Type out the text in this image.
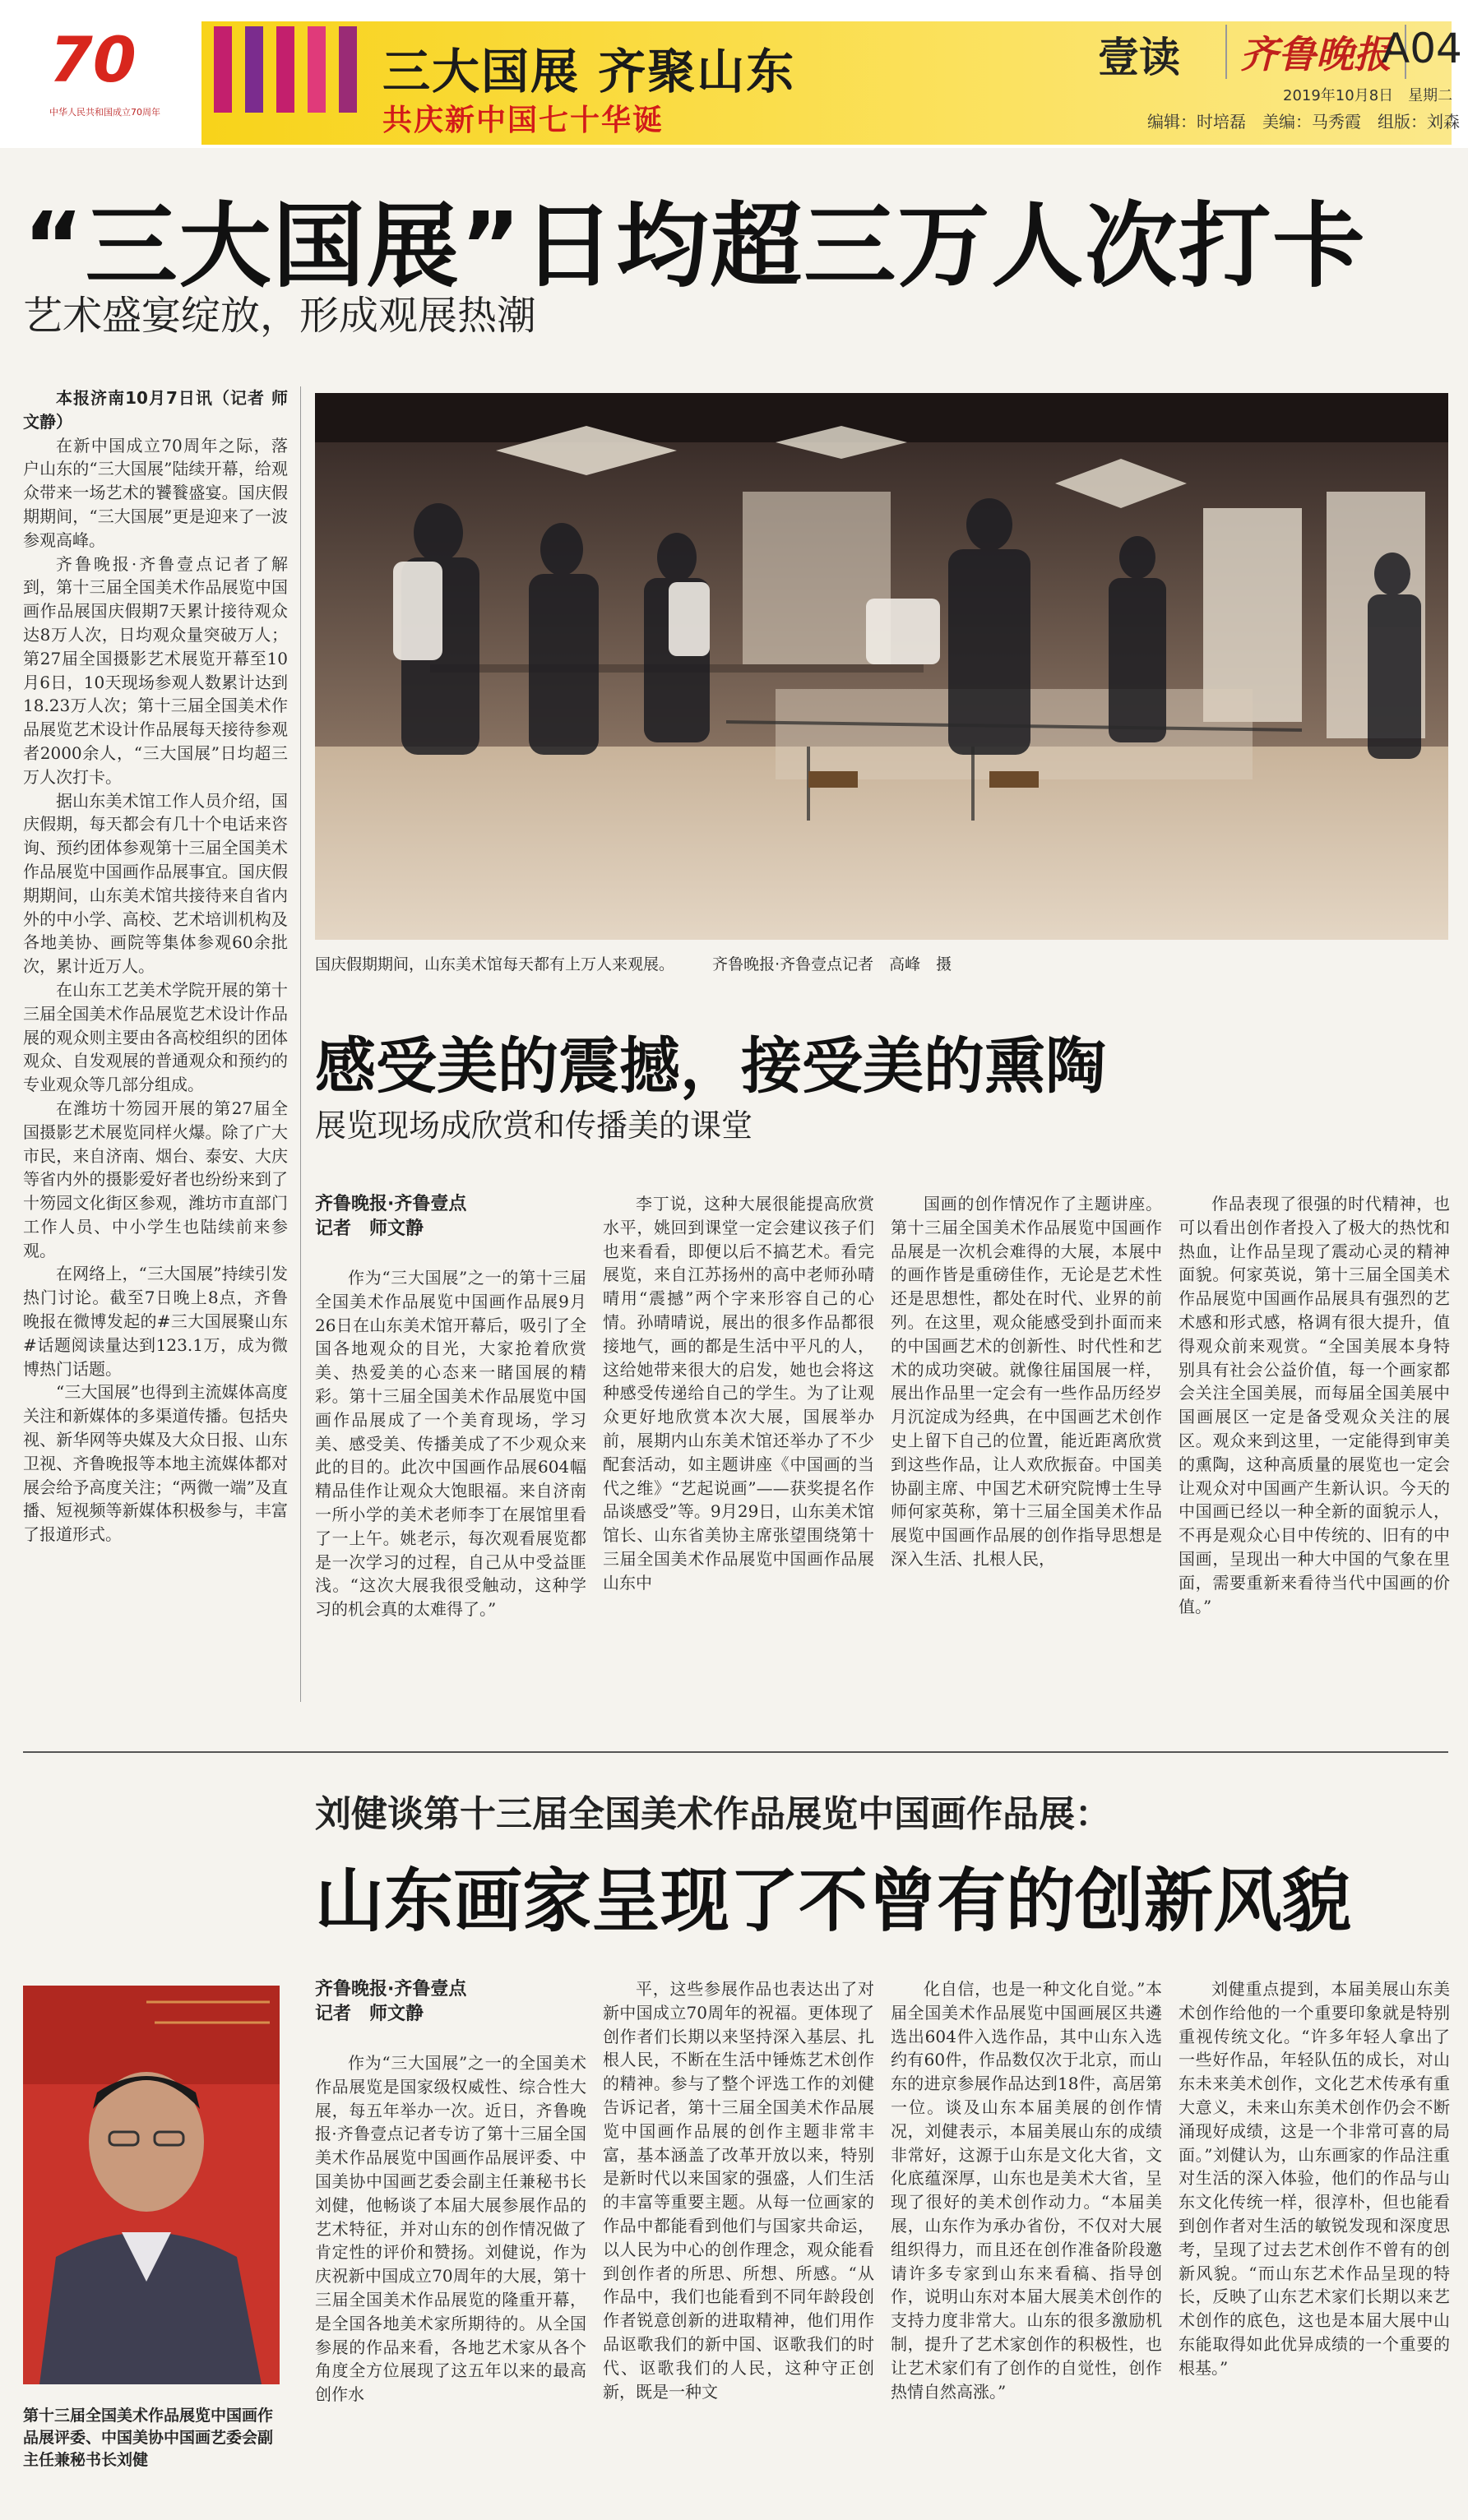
70
中华人民共和国成立70周年
三大国展 齐聚山东
共庆新中国七十华诞
壹读	齐鲁晚报
A04
2019年10月8日　星期二
编辑：时培磊　美编：马秀霞　组版：刘森
“三大国展”日均超三万人次打卡
艺术盛宴绽放，形成观展热潮
本报济南10月7日讯（记者 师文静）

在新中国成立70周年之际，落户山东的“三大国展”陆续开幕，给观众带来一场艺术的饕餮盛宴。国庆假期期间，“三大国展”更是迎来了一波参观高峰。

齐鲁晚报·齐鲁壹点记者了解到，第十三届全国美术作品展览中国画作品展国庆假期7天累计接待观众达8万人次，日均观众量突破万人；第27届全国摄影艺术展览开幕至10月6日，10天现场参观人数累计达到18.23万人次；第十三届全国美术作品展览艺术设计作品展每天接待参观者2000余人，“三大国展”日均超三万人次打卡。

据山东美术馆工作人员介绍，国庆假期，每天都会有几十个电话来咨询、预约团体参观第十三届全国美术作品展览中国画作品展事宜。国庆假期期间，山东美术馆共接待来自省内外的中小学、高校、艺术培训机构及各地美协、画院等集体参观60余批次，累计近万人。

在山东工艺美术学院开展的第十三届全国美术作品展览艺术设计作品展的观众则主要由各高校组织的团体观众、自发观展的普通观众和预约的专业观众等几部分组成。

在潍坊十笏园开展的第27届全国摄影艺术展览同样火爆。除了广大市民，来自济南、烟台、泰安、大庆等省内外的摄影爱好者也纷纷来到了十笏园文化街区参观，潍坊市直部门工作人员、中小学生也陆续前来参观。

在网络上，“三大国展”持续引发热门讨论。截至7日晚上8点，齐鲁晚报在微博发起的#三大国展聚山东#话题阅读量达到123.1万，成为微博热门话题。

“三大国展”也得到主流媒体高度关注和新媒体的多渠道传播。包括央视、新华网等央媒及大众日报、山东卫视、齐鲁晚报等本地主流媒体都对展会给予高度关注；“两微一端”及直播、短视频等新媒体积极参与，丰富了报道形式。

国庆假期期间，山东美术馆每天都有上万人来观展。 齐鲁晚报·齐鲁壹点记者　高峰　摄
感受美的震撼，接受美的熏陶
展览现场成欣赏和传播美的课堂
齐鲁晚报·齐鲁壹点
记者　师文静

作为“三大国展”之一的第十三届全国美术作品展览中国画作品展9月26日在山东美术馆开幕后，吸引了全国各地观众的目光，大家抢着欣赏美、热爱美的心态来一睹国展的精彩。第十三届全国美术作品展览中国画作品展成了一个美育现场，学习美、感受美、传播美成了不少观众来此的目的。此次中国画作品展604幅精品佳作让观众大饱眼福。来自济南一所小学的美术老师李丁在展馆里看了一上午。姚老示，每次观看展览都是一次学习的过程，自己从中受益匪浅。“这次大展我很受触动，这种学习的机会真的太难得了。”

李丁说，这种大展很能提高欣赏水平，姚回到课堂一定会建议孩子们也来看看，即便以后不搞艺术。看完展览，来自江苏扬州的高中老师孙晴晴用“震撼”两个字来形容自己的心情。孙晴晴说，展出的很多作品都很接地气，画的都是生活中平凡的人，这给她带来很大的启发，她也会将这种感受传递给自己的学生。为了让观众更好地欣赏本次大展，国展举办前，展期内山东美术馆还举办了不少配套活动，如主题讲座《中国画的当代之维》“艺起说画”——获奖提名作品谈感受”等。9月29日，山东美术馆馆长、山东省美协主席张望围绕第十三届全国美术作品展览中国画作品展山东中

国画的创作情况作了主题讲座。第十三届全国美术作品展览中国画作品展是一次机会难得的大展，本展中的画作皆是重磅佳作，无论是艺术性还是思想性，都处在时代、业界的前列。在这里，观众能感受到扑面而来的中国画艺术的创新性、时代性和艺术的成功突破。就像往届国展一样，展出作品里一定会有一些作品历经岁月沉淀成为经典，在中国画艺术创作史上留下自己的位置，能近距离欣赏到这些作品，让人欢欣振奋。中国美协副主席、中国艺术研究院博士生导师何家英称，第十三届全国美术作品展览中国画作品展的创作指导思想是深入生活、扎根人民，

作品表现了很强的时代精神，也可以看出创作者投入了极大的热忱和热血，让作品呈现了震动心灵的精神面貌。何家英说，第十三届全国美术作品展览中国画作品展具有强烈的艺术感和形式感，格调有很大提升，值得观众前来观赏。“全国美展本身特别具有社会公益价值，每一个画家都会关注全国美展，而每届全国美展中国画展区一定是备受观众关注的展区。观众来到这里，一定能得到审美的熏陶，这种高质量的展览也一定会让观众对中国画产生新认识。今天的中国画已经以一种全新的面貌示人，不再是观众心目中传统的、旧有的中国画，呈现出一种大中国的气象在里面，需要重新来看待当代中国画的价值。”

刘健谈第十三届全国美术作品展览中国画作品展：
山东画家呈现了不曾有的创新风貌
第十三届全国美术作品展览中国画作品展评委、中国美协中国画艺委会副主任兼秘书长刘健
齐鲁晚报·齐鲁壹点
记者　师文静

作为“三大国展”之一的全国美术作品展览是国家级权威性、综合性大展，每五年举办一次。近日，齐鲁晚报·齐鲁壹点记者专访了第十三届全国美术作品展览中国画作品展评委、中国美协中国画艺委会副主任兼秘书长刘健，他畅谈了本届大展参展作品的艺术特征，并对山东的创作情况做了肯定性的评价和赞扬。刘健说，作为庆祝新中国成立70周年的大展，第十三届全国美术作品展览的隆重开幕，是全国各地美术家所期待的。从全国参展的作品来看，各地艺术家从各个角度全方位展现了这五年以来的最高创作水

平，这些参展作品也表达出了对新中国成立70周年的祝福。更体现了创作者们长期以来坚持深入基层、扎根人民，不断在生活中锤炼艺术创作的精神。参与了整个评选工作的刘健告诉记者，第十三届全国美术作品展览中国画作品展的创作主题非常丰富，基本涵盖了改革开放以来，特别是新时代以来国家的强盛，人们生活的丰富等重要主题。从每一位画家的作品中都能看到他们与国家共命运，以人民为中心的创作理念，观众能看到创作者的所思、所想、所感。“从作品中，我们也能看到不同年龄段创作者锐意创新的进取精神，他们用作品讴歌我们的新中国、讴歌我们的时代、讴歌我们的人民，这种守正创新，既是一种文

化自信，也是一种文化自觉。”本届全国美术作品展览中国画展区共遴选出604件入选作品，其中山东入选约有60件，作品数仅次于北京，而山东的进京参展作品达到18件，高居第一位。谈及山东本届美展的创作情况，刘健表示，本届美展山东的成绩非常好，这源于山东是文化大省，文化底蕴深厚，山东也是美术大省，呈现了很好的美术创作动力。“本届美展，山东作为承办省份，不仅对大展组织得力，而且还在创作准备阶段邀请许多专家到山东来看稿、指导创作，说明山东对本届大展美术创作的支持力度非常大。山东的很多激励机制，提升了艺术家创作的积极性，也让艺术家们有了创作的自觉性，创作热情自然高涨。”

刘健重点提到，本届美展山东美术创作给他的一个重要印象就是特别重视传统文化。“许多年轻人拿出了一些好作品，年轻队伍的成长，对山东未来美术创作，文化艺术传承有重大意义，未来山东美术创作仍会不断涌现好成绩，这是一个非常可喜的局面。”刘健认为，山东画家的作品注重对生活的深入体验，他们的作品与山东文化传统一样，很淳朴，但也能看到创作者对生活的敏锐发现和深度思考，呈现了过去艺术创作不曾有的创新风貌。“而山东艺术作品呈现的特长，反映了山东艺术家们长期以来艺术创作的底色，这也是本届大展中山东能取得如此优异成绩的一个重要的根基。”
